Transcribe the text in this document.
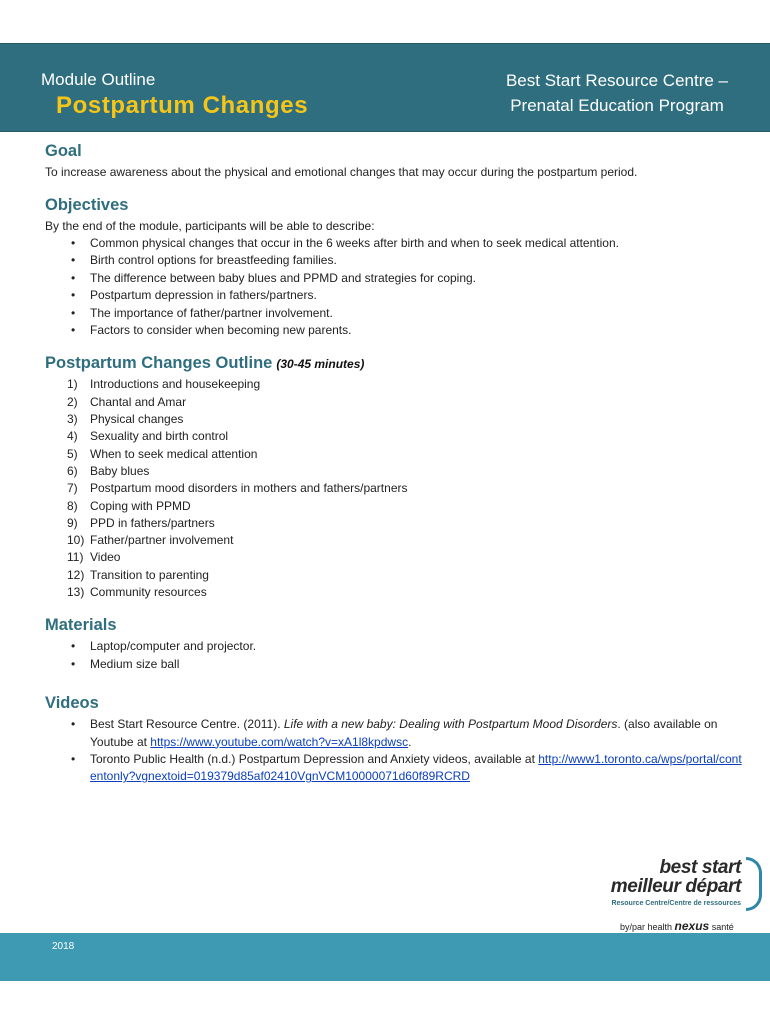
Module Outline
Postpartum Changes
Best Start Resource Centre –
Prenatal Education Program
Goal

To increase awareness about the physical and emotional changes that may occur during the postpartum period.

Objectives

By the end of the module, participants will be able to describe:

• Common physical changes that occur in the 6 weeks after birth and when to seek medical attention.
• Birth control options for breastfeeding families.
• The difference between baby blues and PPMD and strategies for coping.
• Postpartum depression in fathers/partners.
• The importance of father/partner involvement.
• Factors to consider when becoming new parents.
Postpartum Changes Outline (30-45 minutes)
1) Introductions and housekeeping
2) Chantal and Amar
3) Physical changes
4) Sexuality and birth control
5) When to seek medical attention
6) Baby blues
7) Postpartum mood disorders in mothers and fathers/partners
8) Coping with PPMD
9) PPD in fathers/partners
10) Father/partner involvement
11) Video
12) Transition to parenting
13) Community resources
Materials
• Laptop/computer and projector.
• Medium size ball
Videos
• Best Start Resource Centre. (2011). Life with a new baby: Dealing with Postpartum Mood Disorders. (also available on Youtube at https://www.youtube.com/watch?v=xA1l8kpdwsc.
• Toronto Public Health (n.d.) Postpartum Depression and Anxiety videos, available at http://www1.toronto.ca/wps/portal/contentonly?vgnextoid=019379d85af02410VgnVCM10000071d60f89RCRD
best start
meilleur départ
Resource Centre/Centre de ressources
by/par health nexus santé
2018
